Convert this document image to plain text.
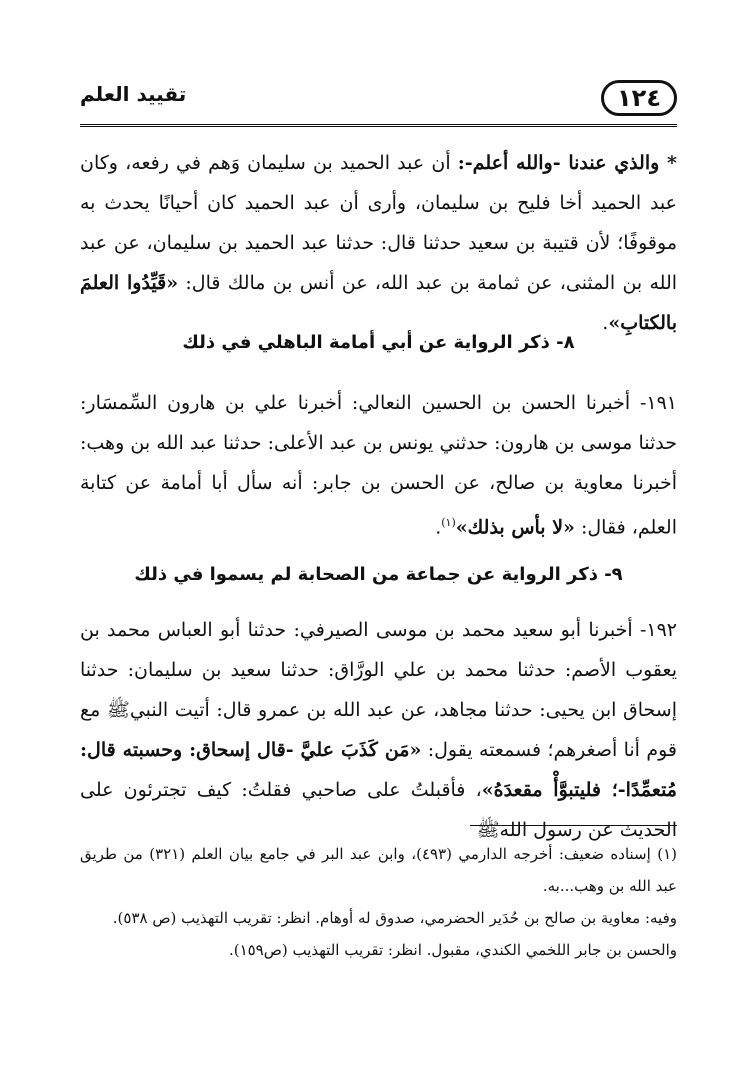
١٢٤
تقييد العلم

* والذي عندنا -والله أعلم-: أن عبد الحميد بن سليمان وَهم في رفعه، وكان عبد الحميد أخا فليح بن سليمان، وأرى أن عبد الحميد كان أحيانًا يحدث به موقوفًا؛ لأن قتيبة بن سعيد حدثنا قال: حدثنا عبد الحميد بن سليمان، عن عبد الله بن المثنى، عن ثمامة بن عبد الله، عن أنس بن مالك قال: «قَيِّدُوا العلمَ بالكتابِ».

٨- ذكر الرواية عن أبي أمامة الباهلي في ذلك

١٩١- أخبرنا الحسن بن الحسين النعالي: أخبرنا علي بن هارون السِّمسَار: حدثنا موسى بن هارون: حدثني يونس بن عبد الأعلى: حدثنا عبد الله بن وهب: أخبرنا معاوية بن صالح، عن الحسن بن جابر: أنه سأل أبا أمامة عن كتابة العلم، فقال: «لا بأس بذلك»$^{(١)}$.

٩- ذكر الرواية عن جماعة من الصحابة لم يسموا في ذلك

١٩٢- أخبرنا أبو سعيد محمد بن موسى الصيرفي: حدثنا أبو العباس محمد بن يعقوب الأصم: حدثنا محمد بن علي الورَّاق: حدثنا سعيد بن سليمان: حدثنا إسحاق ابن يحيى: حدثنا مجاهد، عن عبد الله بن عمرو قال: أتيت النبيﷺ مع قوم أنا أصغرهم؛ فسمعته يقول: «مَن كَذَبَ عليَّ -قال إسحاق: وحسبته قال: مُتعمِّدًا-؛ فليتبوَّأْ مقعدَهُ»، فأقبلتُ على صاحبي فقلتُ: كيف تجترئون على الحديث عن رسول اللهﷺ

(١) إسناده ضعيف: أخرجه الدارمي (٤٩٣)، وابن عبد البر في جامع بيان العلم (٣٢١) من طريق عبد الله بن وهب...به.

وفيه: معاوية بن صالح بن حُدَير الحضرمي، صدوق له أوهام. انظر: تقريب التهذيب (ص ٥٣٨).

والحسن بن جابر اللخمي الكندي، مقبول. انظر: تقريب التهذيب (ص١٥٩).
